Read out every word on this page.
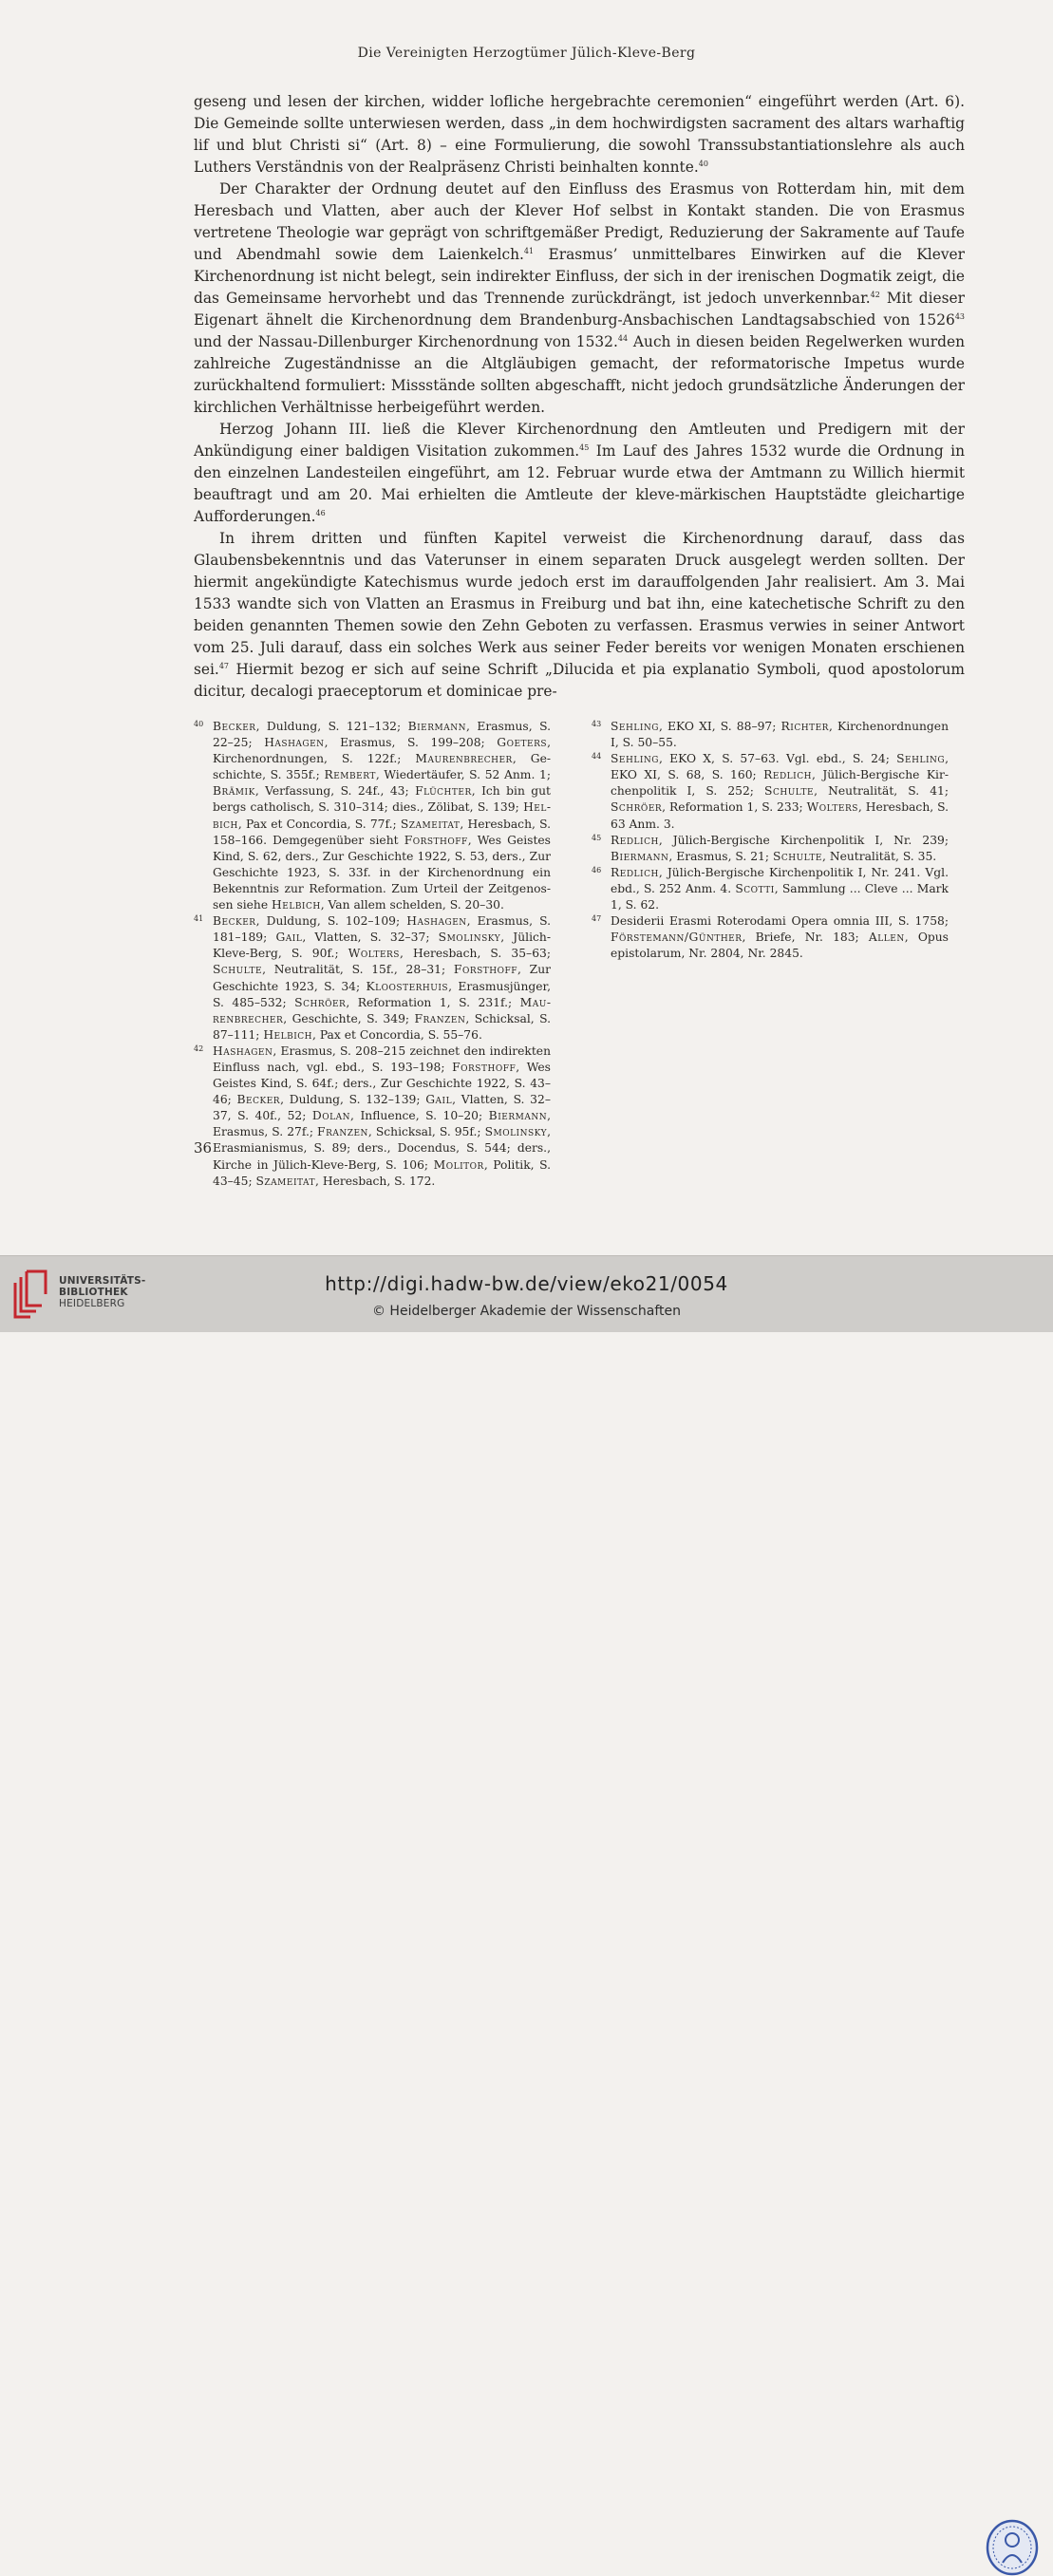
Die Vereinigten Herzogtümer Jülich-Kleve-Berg

geseng und lesen der kirchen, widder lofliche hergebrachte ceremonien“ eingeführt werden (Art. 6). Die Gemeinde sollte unterwiesen werden, dass „in dem hochwirdigsten sacrament des altars warhaftig lif und blut Christi si“ (Art. 8) – eine Formulierung, die sowohl Transsubstantiationslehre als auch Luthers Verständnis von der Realpräsenz Christi beinhalten konnte.$^{40}$

Der Charakter der Ordnung deutet auf den Einfluss des Erasmus von Rotterdam hin, mit dem Heresbach und Vlatten, aber auch der Klever Hof selbst in Kontakt standen. Die von Erasmus vertretene Theologie war geprägt von schriftgemäßer Predigt, Reduzierung der Sakramente auf Taufe und Abendmahl sowie dem Laienkelch.$^{41}$ Erasmus’ unmittelbares Einwirken auf die Klever Kirchenordnung ist nicht belegt, sein indirekter Einfluss, der sich in der irenischen Dogmatik zeigt, die das Gemeinsame hervorhebt und das Trennende zurückdrängt, ist jedoch unverkennbar.$^{42}$ Mit dieser Eigenart ähnelt die Kirchenordnung dem Brandenburg-Ansbachischen Landtagsabschied von 1526$^{43}$ und der Nassau-Dillenburger Kirchenordnung von 1532.44 Auch in diesen beiden Regelwerken wurden zahlreiche Zugeständnisse an die Altgläubigen gemacht, der reformatorische Impetus wurde zurückhaltend formuliert: Missstände sollten abgeschafft, nicht jedoch grundsätzliche Änderungen der kirchlichen Verhältnisse herbeigeführt werden.

Herzog Johann III. ließ die Klever Kirchenordnung den Amtleuten und Predigern mit der Ankündigung einer baldigen Visitation zukommen.$^{45}$ Im Lauf des Jahres 1532 wurde die Ordnung in den einzelnen Landesteilen eingeführt, am 12. Februar wurde etwa der Amtmann zu Willich hiermit beauftragt und am 20. Mai erhielten die Amtleute der kleve-märkischen Hauptstädte gleichartige Aufforderungen.$^{46}$

In ihrem dritten und fünften Kapitel verweist die Kirchenordnung darauf, dass das Glaubensbekenntnis und das Vaterunser in einem separaten Druck ausgelegt werden sollten. Der hiermit angekündigte Katechismus wurde jedoch erst im darauffolgenden Jahr realisiert. Am 3. Mai 1533 wandte sich von Vlatten an Erasmus in Freiburg und bat ihn, eine katechetische Schrift zu den beiden genannten Themen sowie den Zehn Geboten zu verfassen. Erasmus verwies in seiner Antwort vom 25. Juli darauf, dass ein solches Werk aus seiner Feder bereits vor wenigen Monaten erschienen sei.$^{47}$ Hiermit bezog er sich auf seine Schrift „Dilucida et pia explanatio Symboli, quod apostolorum dicitur, decalogi praeceptorum et dominicae pre-

40 Becker, Duldung, S. 121–132; Biermann, Erasmus, S. 22–25; Hashagen, Erasmus, S. 199–208; Goeters, Kirchenordnungen, S. 122f.; Maurenbrecher, Geschichte, S. 355f.; Rembert, Wiedertäufer, S. 52 Anm. 1; Brämik, Verfassung, S. 24f., 43; Flüchter, Ich bin gut bergs catholisch, S. 310–314; dies., Zölibat, S. 139; Helbich, Pax et Concordia, S. 77f.; Szameitat, Heresbach, S. 158–166. Demgegenüber sieht Forsthoff, Wes Geistes Kind, S. 62, ders., Zur Geschichte 1922, S. 53, ders., Zur Geschichte 1923, S. 33f. in der Kirchenordnung ein Bekenntnis zur Reformation. Zum Urteil der Zeitgenossen siehe Helbich, Van allem schelden, S. 20–30.
41 Becker, Duldung, S. 102–109; Hashagen, Erasmus, S. 181–189; Gail, Vlatten, S. 32–37; Smolinsky, Jülich-Kleve-Berg, S. 90f.; Wolters, Heresbach, S. 35–63; Schulte, Neutralität, S. 15f., 28–31; Forsthoff, Zur Geschichte 1923, S. 34; Kloosterhuis, Erasmusjünger, S. 485–532; Schröer, Reformation 1, S. 231f.; Maurenbrecher, Geschichte, S. 349; Franzen, Schicksal, S. 87–111; Helbich, Pax et Concordia, S. 55–76.
42 Hashagen, Erasmus, S. 208–215 zeichnet den indirekten Einfluss nach, vgl. ebd., S. 193–198; Forsthoff, Wes Geistes Kind, S. 64f.; ders., Zur Geschichte 1922, S. 43–46; Becker, Duldung, S. 132–139; Gail, Vlatten, S. 32–37, S. 40f., 52; Dolan, Influence, S. 10–20; Biermann, Erasmus, S. 27f.; Franzen, Schicksal, S. 95f.; Smolinsky, Erasmianismus, S. 89; ders., Docendus, S. 544; ders., Kirche in Jülich-Kleve-Berg, S. 106; Molitor, Politik, S. 43–45; Szameitat, Heresbach, S. 172.
43 Sehling, EKO XI, S. 88–97; Richter, Kirchenordnungen I, S. 50–55.
44 Sehling, EKO X, S. 57–63. Vgl. ebd., S. 24; Sehling, EKO XI, S. 68, S. 160; Redlich, Jülich-Bergische Kirchenpolitik I, S. 252; Schulte, Neutralität, S. 41; Schröer, Reformation 1, S. 233; Wolters, Heresbach, S. 63 Anm. 3.
45 Redlich, Jülich-Bergische Kirchenpolitik I, Nr. 239; Biermann, Erasmus, S. 21; Schulte, Neutralität, S. 35.
46 Redlich, Jülich-Bergische Kirchenpolitik I, Nr. 241. Vgl. ebd., S. 252 Anm. 4. Scotti, Sammlung ... Cleve ... Mark 1, S. 62.
47 Desiderii Erasmi Roterodami Opera omnia III, S. 1758; Förstemann/Günther, Briefe, Nr. 183; Allen, Opus epistolarum, Nr. 2804, Nr. 2845.
36
UNIVERSITÄTS-
BIBLIOTHEK
HEIDELBERG

http://digi.hadw-bw.de/view/eko21/0054

© Heidelberger Akademie der Wissenschaften
